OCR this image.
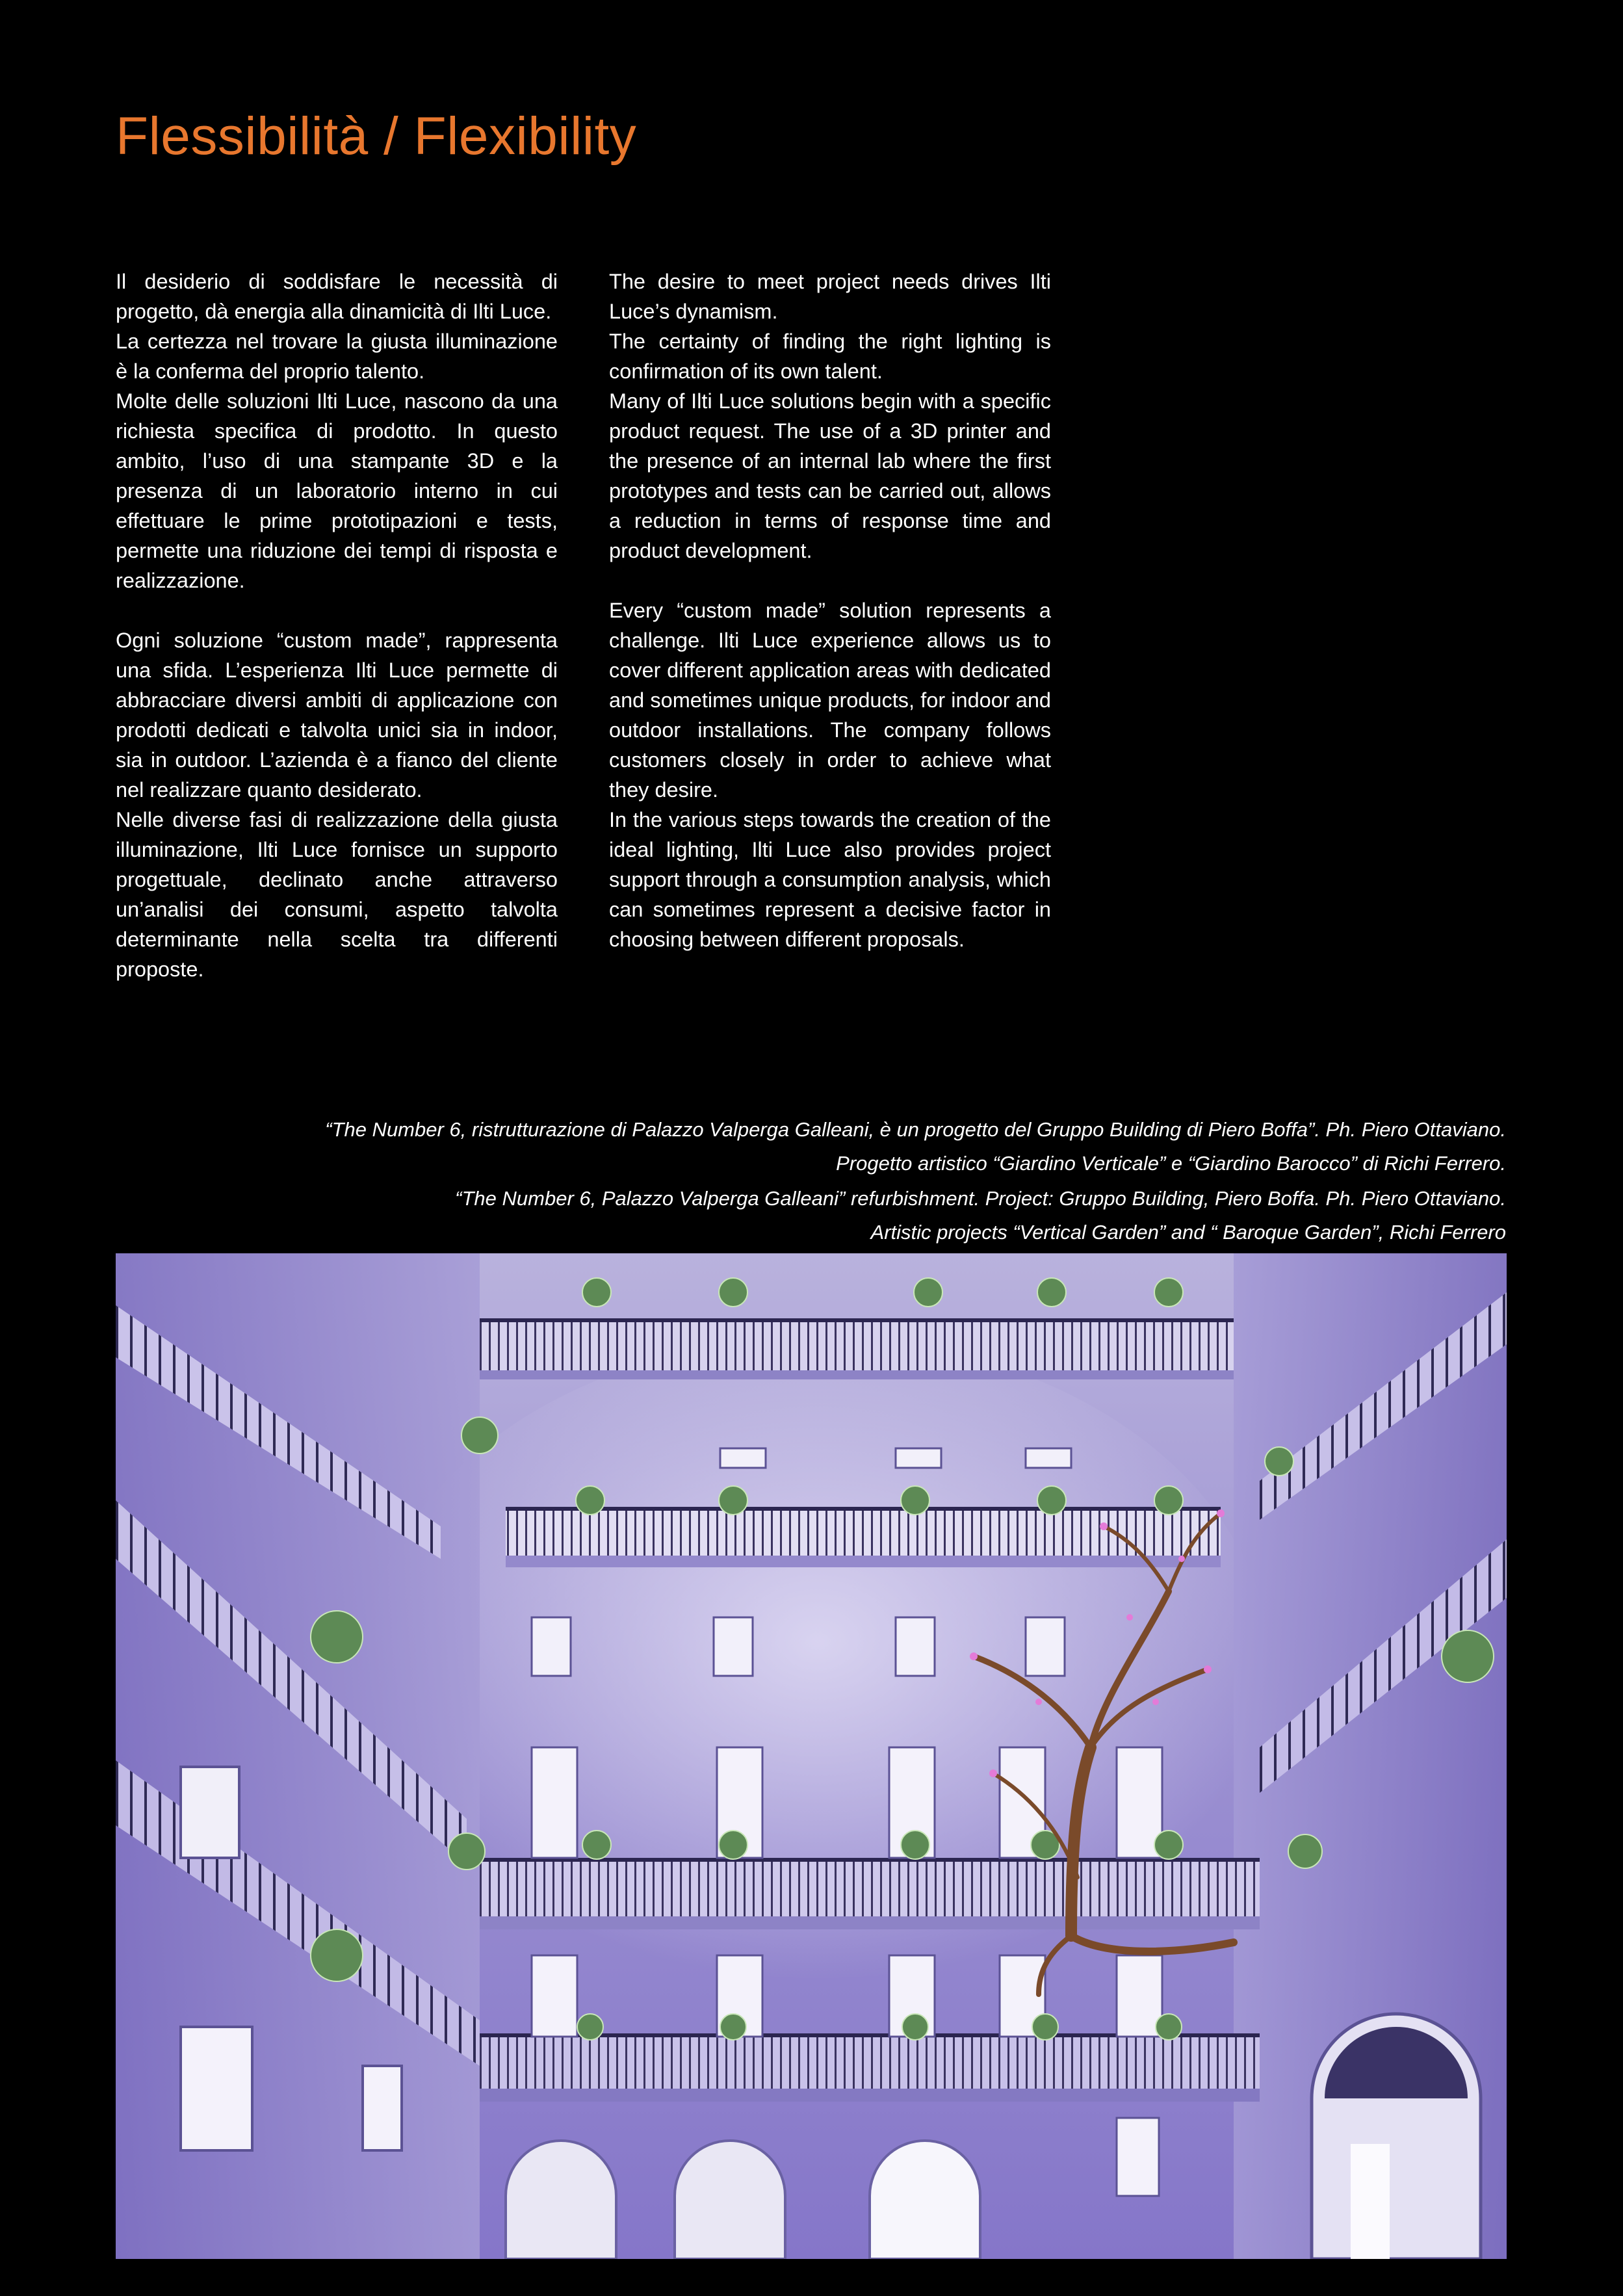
Flessibilità / Flexibility

Il desiderio di soddisfare le necessità di progetto, dà energia alla dinamicità di Ilti Luce.

La certezza nel trovare la giusta illuminazione è la conferma del proprio talento.

Molte delle soluzioni Ilti Luce, nascono da una richiesta specifica di prodotto. In questo ambito, l’uso di una stampante 3D e la presenza di un laboratorio interno in cui effettuare le prime prototipazioni e tests, permette una riduzione dei tempi di risposta e realizzazione.

Ogni soluzione “custom made”, rappresenta una sfida. L’esperienza Ilti Luce permette di abbracciare diversi ambiti di applicazione con prodotti dedicati e talvolta unici sia in indoor, sia in outdoor. L’azienda è a fianco del cliente nel realizzare quanto desiderato.

Nelle diverse fasi di realizzazione della giusta illuminazione, Ilti Luce fornisce un supporto progettuale, declinato anche attraverso un’analisi dei consumi, aspetto talvolta determinante nella scelta tra differenti proposte.

The desire to meet project needs drives Ilti Luce’s dynamism.

The certainty of finding the right lighting is confirmation of its own talent.

Many of Ilti Luce solutions begin with a specific product request. The use of a 3D printer and the presence of an internal lab where the first prototypes and tests can be carried out, allows a reduction in terms of response time and product development.

Every “custom made” solution represents a challenge. Ilti Luce experience allows us to cover different application areas with dedicated and sometimes unique products, for indoor and outdoor installations. The company follows customers closely in order to achieve what they desire.

In the various steps towards the creation of the ideal lighting, Ilti Luce also provides project support through a consumption analysis, which can sometimes represent a decisive factor in choosing between different proposals.

“The Number 6, ristrutturazione di Palazzo Valperga Galleani, è un progetto del Gruppo Building di Piero Boffa”. Ph. Piero Ottaviano.
Progetto artistico “Giardino Verticale” e “Giardino Barocco” di Richi Ferrero.

“The Number 6, Palazzo Valperga Galleani” refurbishment. Project: Gruppo Building, Piero Boffa. Ph. Piero Ottaviano.
Artistic projects “Vertical Garden” and “ Baroque Garden”, Richi Ferrero
